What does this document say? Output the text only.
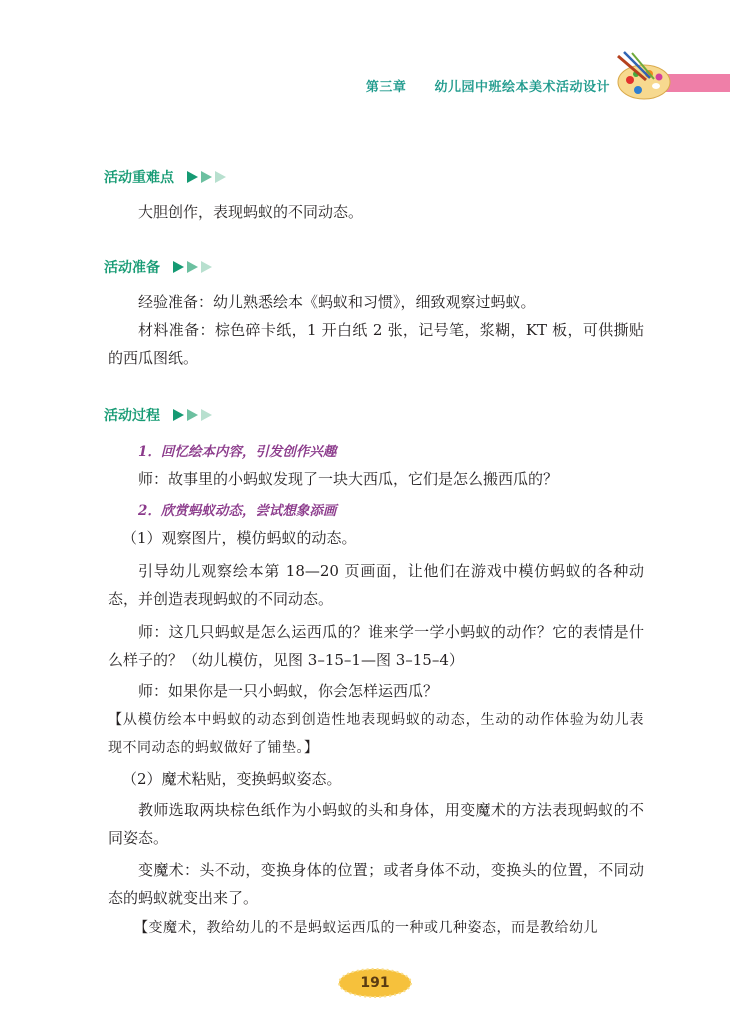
第三章 幼儿园中班绘本美术活动设计
活动重难点
大胆创作，表现蚂蚁的不同动态。
活动准备
经验准备：幼儿熟悉绘本《蚂蚁和习惯》，细致观察过蚂蚁。
材料准备：棕色碎卡纸，1 开白纸 2 张，记号笔，浆糊，KT 板，可供撕贴的西瓜图纸。
活动过程
1．回忆绘本内容，引发创作兴趣
师：故事里的小蚂蚁发现了一块大西瓜，它们是怎么搬西瓜的？
2．欣赏蚂蚁动态，尝试想象添画
（1）观察图片，模仿蚂蚁的动态。
引导幼儿观察绘本第 18—20 页画面，让他们在游戏中模仿蚂蚁的各种动态，并创造表现蚂蚁的不同动态。
师：这几只蚂蚁是怎么运西瓜的？谁来学一学小蚂蚁的动作？它的表情是什么样子的？（幼儿模仿，见图 3–15–1—图 3–15–4）
师：如果你是一只小蚂蚁，你会怎样运西瓜？
【从模仿绘本中蚂蚁的动态到创造性地表现蚂蚁的动态，生动的动作体验为幼儿表现不同动态的蚂蚁做好了铺垫。】
（2）魔术粘贴，变换蚂蚁姿态。
教师选取两块棕色纸作为小蚂蚁的头和身体，用变魔术的方法表现蚂蚁的不同姿态。
变魔术：头不动，变换身体的位置；或者身体不动，变换头的位置，不同动态的蚂蚁就变出来了。
【变魔术，教给幼儿的不是蚂蚁运西瓜的一种或几种姿态，而是教给幼儿
191
